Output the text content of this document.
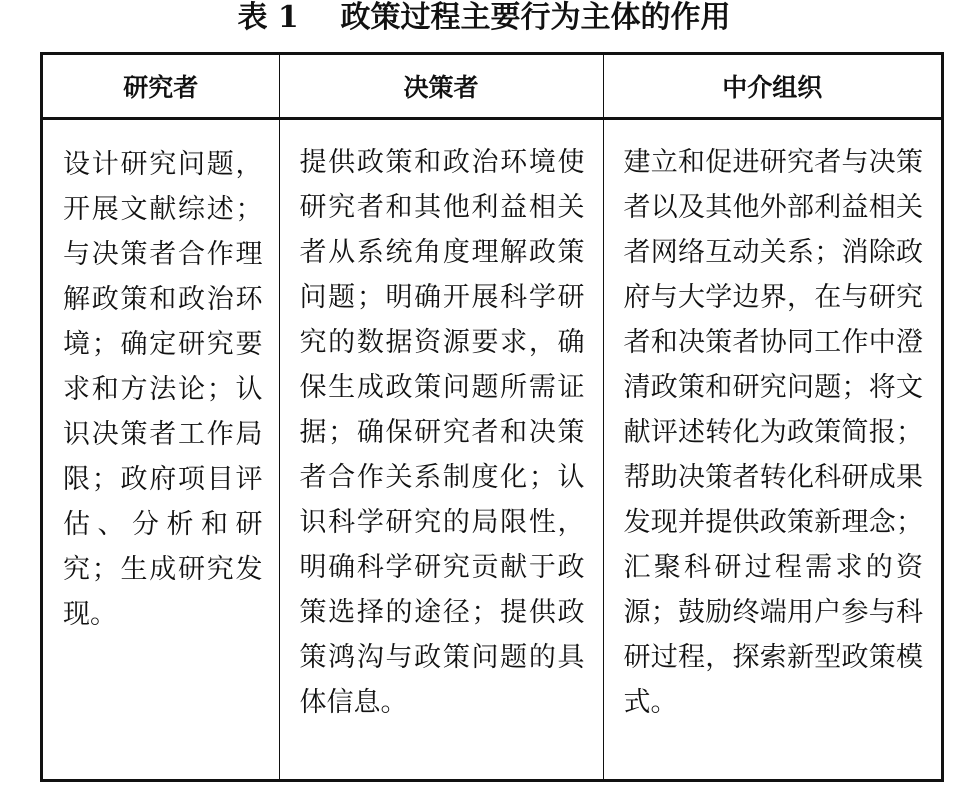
表 1    政策过程主要行为主体的作用
研究者	决策者	中介组织

设计研究问题，开展文献综述；与决策者合作理解政策和政治环境；确定研究要求和方法论；认识决策者工作局限；政府项目评估、分析和研究；生成研究发现。	提供政策和政治环境使研究者和其他利益相关者从系统角度理解政策问题；明确开展科学研究的数据资源要求，确保生成政策问题所需证据；确保研究者和决策者合作关系制度化；认识科学研究的局限性，明确科学研究贡献于政策选择的途径；提供政策鸿沟与政策问题的具体信息。	建立和促进研究者与决策者以及其他外部利益相关者网络互动关系；消除政府与大学边界，在与研究者和决策者协同工作中澄清政策和研究问题；将文献评述转化为政策简报；帮助决策者转化科研成果发现并提供政策新理念；汇聚科研过程需求的资源；鼓励终端用户参与科研过程，探索新型政策模式。
